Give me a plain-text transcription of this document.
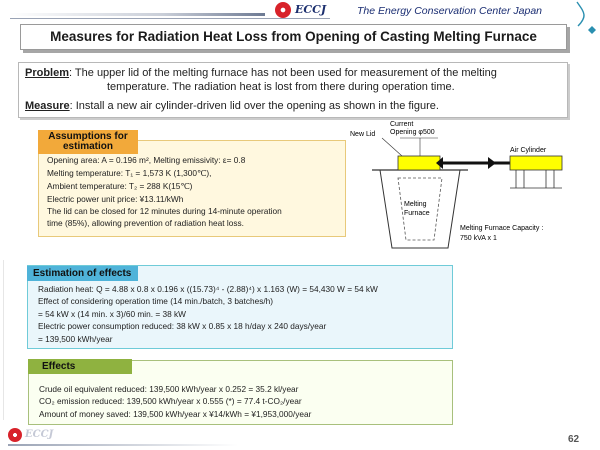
ECCJ	The Energy Conservation Center Japan
Measures for Radiation Heat Loss from Opening of Casting Melting Furnace
Problem: The upper lid of the melting furnace has not been used for measurement of the melting
temperature. The radiation heat is lost from there during operation time.
Measure: Install a new air cylinder-driven lid over the opening as shown in the figure.
Opening area: A = 0.196 m², Melting emissivity: ε= 0.8
Melting temperature: T₁ = 1,573 K (1,300℃),
Ambient temperature: T₂ = 288 K(15℃)
Electric power unit price: ¥13.11/kWh
The lid can be closed for 12 minutes during 14-minute operation
time (85%), allowing prevention of radiation heat loss.
Assumptions for
estimation
Melting
Furnace
New Lid
Current
Opening φ500
Air Cylinder
Melting Furnace Capacity :
750 kVA x 1
Radiation heat: Q = 4.88 x 0.8 x 0.196 x ((15.73)⁴ - (2.88)⁴) x 1.163 (W) = 54,430 W = 54 kW
Effect of considering operation time (14 min./batch, 3 batches/h)
= 54 kW x (14 min. x 3)/60 min. = 38 kW
Electric power consumption reduced: 38 kW x 0.85 x 18 h/day x 240 days/year
= 139,500 kWh/year
Estimation of effects
Crude oil equivalent reduced: 139,500 kWh/year x 0.252 = 35.2 kl/year
CO₂ emission reduced: 139,500 kWh/year x 0.555 (*) = 77.4 t-CO₂/year
Amount of money saved: 139,500 kWh/year x ¥14/kWh = ¥1,953,000/year
Effects
ECCJ	62
